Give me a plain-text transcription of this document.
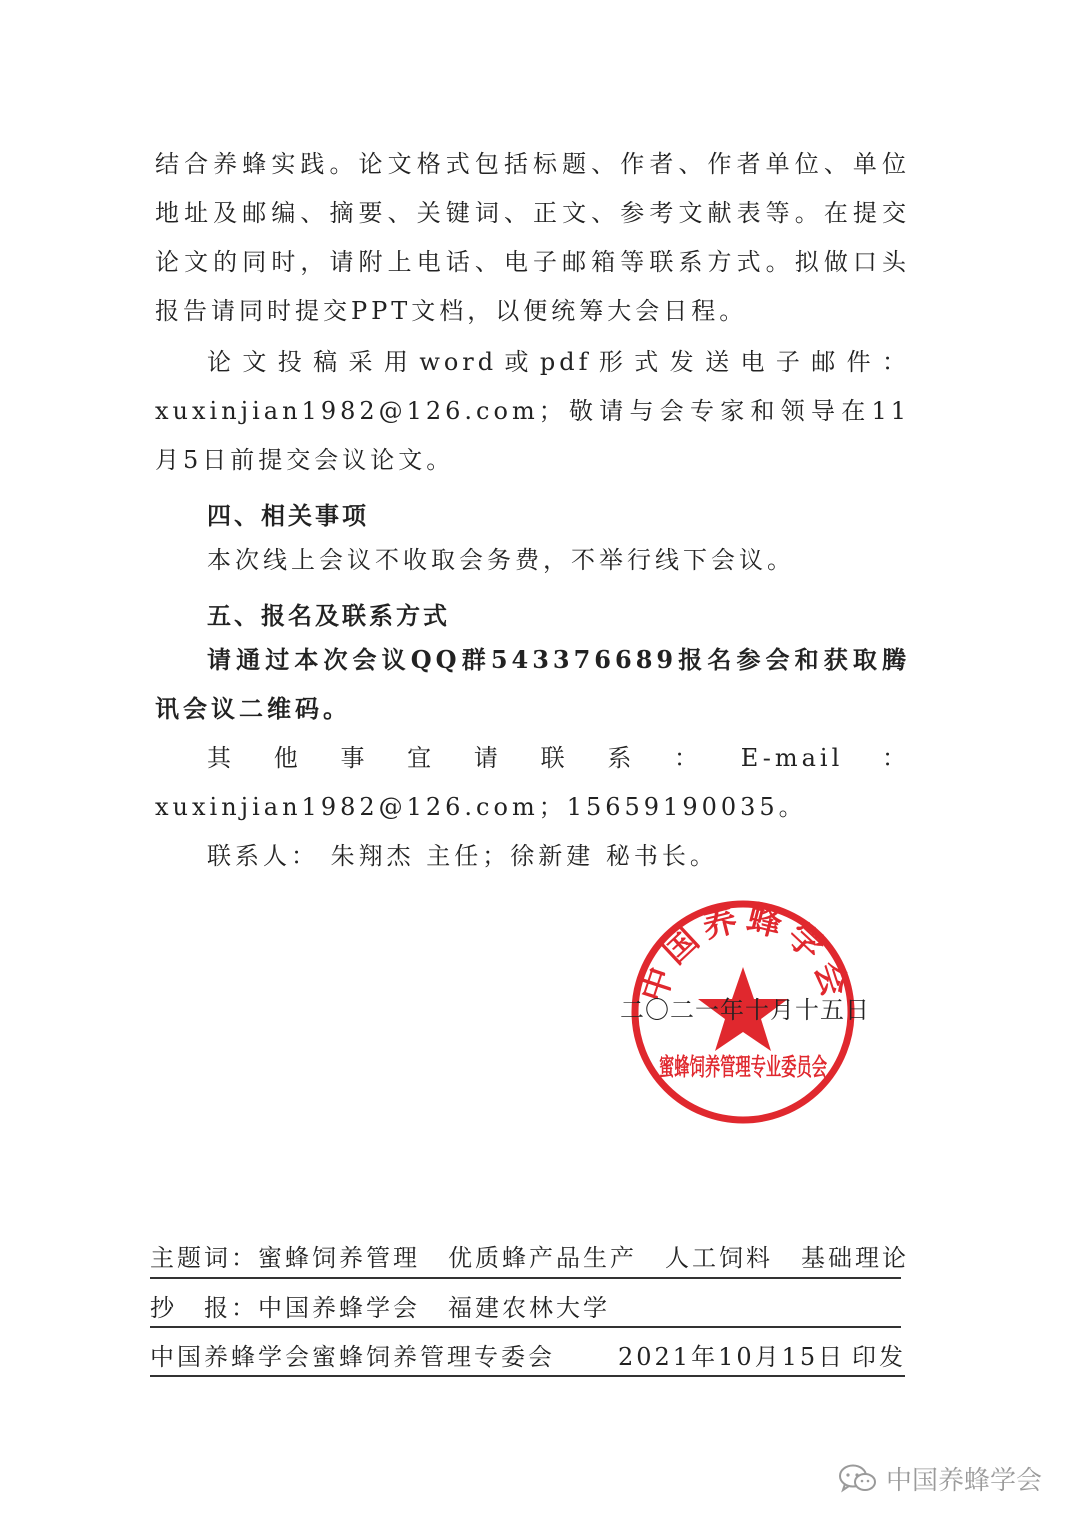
结合养蜂实践。论文格式包括标题、作者、作者单位、单位地址及邮编、摘要、关键词、正文、参考文献表等。在提交论文的同时，请附上电话、电子邮箱等联系方式。拟做口头报告请同时提交PPT文档，以便统筹大会日程。

论文投稿采用word或pdf形式发送电子邮件：xuxinjian1982@126.com；敬请与会专家和领导在11月5日前提交会议论文。

四、相关事项

本次线上会议不收取会务费，不举行线下会议。

五、报名及联系方式

请通过本次会议QQ群543376689报名参会和获取腾讯会议二维码。

其他事宜请联系：E-mail：xuxinjian1982@126.com；15659190035。

联系人： 朱翔杰 主任；徐新建 秘书长。

中国养蜂学会
蜜蜂饲养管理专业委员会
二〇二一年十月十五日
主题词：蜜蜂饲养管理 优质蜂产品生产 人工饲料 基础理论
抄　报：中国养蜂学会 福建农林大学
中国养蜂学会蜜蜂饲养管理专委会	2021年10月15日 印发
中国养蜂学会
